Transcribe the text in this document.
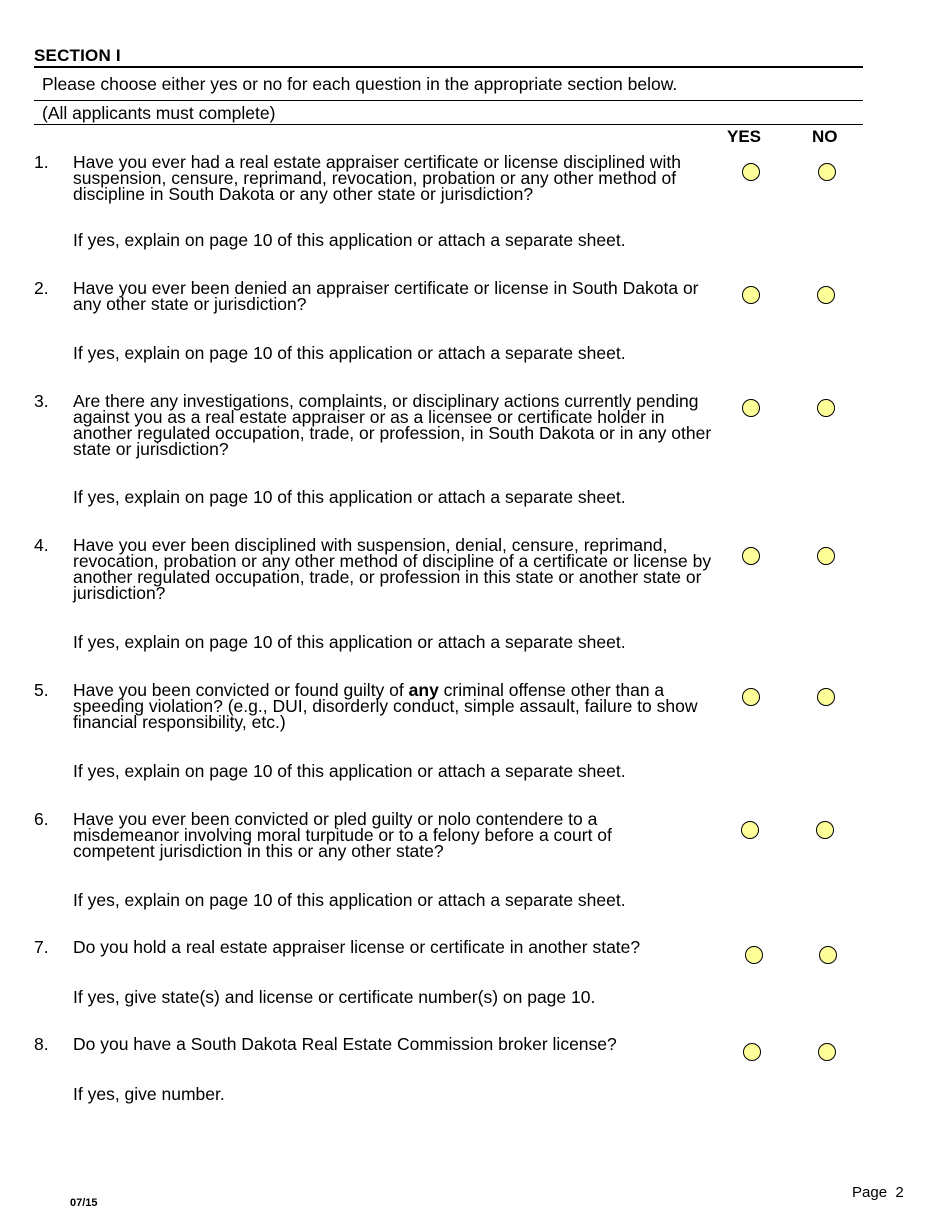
SECTION I
Please choose either yes or no for each question in the appropriate section below.
(All applicants must complete)
YES	NO
1. Have you ever had a real estate appraiser certificate or license disciplined with suspension, censure, reprimand, revocation, probation or any other method of discipline in South Dakota or any other state or jurisdiction?
If yes, explain on page 10 of this application or attach a separate sheet.
2. Have you ever been denied an appraiser certificate or license in South Dakota or any other state or jurisdiction?
If yes, explain on page 10 of this application or attach a separate sheet.
3. Are there any investigations, complaints, or disciplinary actions currently pending against you as a real estate appraiser or as a licensee or certificate holder in another regulated occupation, trade, or profession, in South Dakota or in any other state or jurisdiction?
If yes, explain on page 10 of this application or attach a separate sheet.
4. Have you ever been disciplined with suspension, denial, censure, reprimand, revocation, probation or any other method of discipline of a certificate or license by another regulated occupation, trade, or profession in this state or another state or jurisdiction?
If yes, explain on page 10 of this application or attach a separate sheet.
5. Have you been convicted or found guilty of any criminal offense other than a speeding violation? (e.g., DUI, disorderly conduct, simple assault, failure to show financial responsibility, etc.)
If yes, explain on page 10 of this application or attach a separate sheet.
6. Have you ever been convicted or pled guilty or nolo contendere to a misdemeanor involving moral turpitude or to a felony before a court of competent jurisdiction in this or any other state?
If yes, explain on page 10 of this application or attach a separate sheet.
7. Do you hold a real estate appraiser license or certificate in another state?
If yes, give state(s) and license or certificate number(s) on page 10.
8. Do you have a South Dakota Real Estate Commission broker license?
If yes, give number.
07/15
Page  2
